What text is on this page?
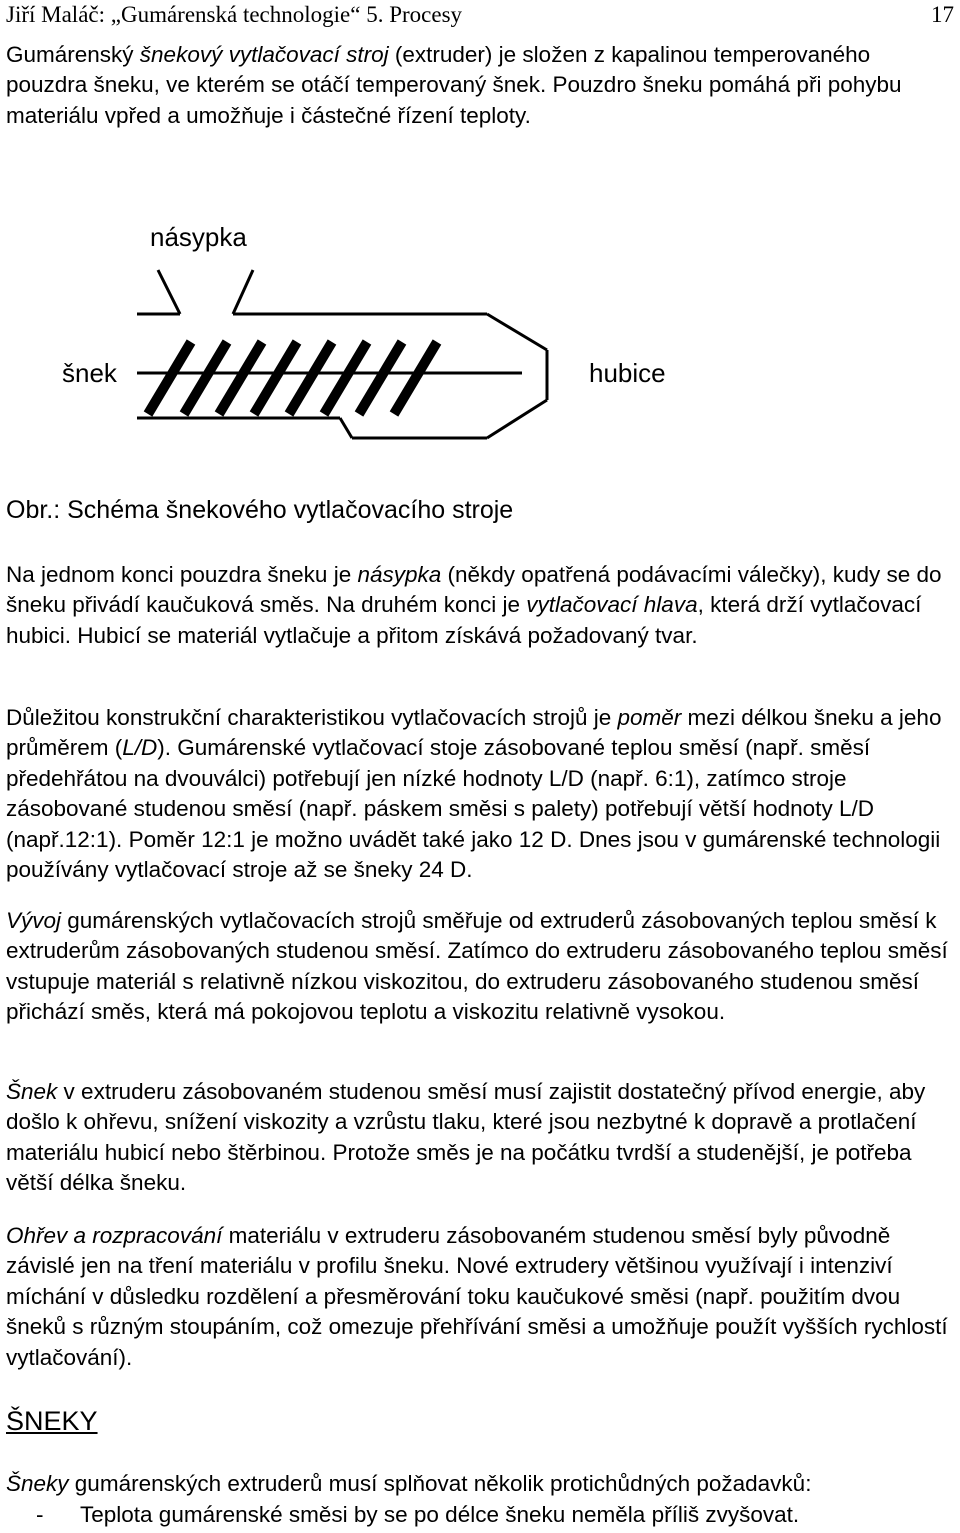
Jiří Maláč: „Gumárenská technologie“ 5. Procesy	17

Gumárenský šnekový vytlačovací stroj (extruder) je složen z kapalinou temperovaného pouzdra šneku, ve kterém se otáčí temperovaný šnek. Pouzdro šneku pomáhá při pohybu materiálu vpřed a umožňuje i částečné řízení teploty.

násypka
šnek	hubice
Obr.: Schéma šnekového vytlačovacího stroje

Na jednom konci pouzdra šneku je násypka (někdy opatřená podávacími válečky), kudy se do šneku přivádí kaučuková směs. Na druhém konci je vytlačovací hlava, která drží vytlačovací hubici. Hubicí se materiál vytlačuje a přitom získává požadovaný tvar.

Důležitou konstrukční charakteristikou vytlačovacích strojů je poměr mezi délkou šneku a jeho průměrem (L/D). Gumárenské vytlačovací stoje zásobované teplou směsí (např. směsí předehřátou na dvouválci) potřebují jen nízké hodnoty L/D (např. 6:1), zatímco stroje zásobované studenou směsí (např. páskem směsi s palety) potřebují větší hodnoty L/D (např.12:1). Poměr 12:1 je možno uvádět také jako 12 D. Dnes jsou v gumárenské technologii používány vytlačovací stroje až se šneky 24 D.

Vývoj gumárenských vytlačovacích strojů směřuje od extruderů zásobovaných teplou směsí k extruderům zásobovaných studenou směsí. Zatímco do extruderu zásobovaného teplou směsí vstupuje materiál s relativně nízkou viskozitou, do extruderu zásobovaného studenou směsí přichází směs, která má pokojovou teplotu a viskozitu relativně vysokou.

Šnek v extruderu zásobovaném studenou směsí musí zajistit dostatečný přívod energie, aby došlo k ohřevu, snížení viskozity a vzrůstu tlaku, které jsou nezbytné k dopravě a protlačení materiálu hubicí nebo štěrbinou. Protože směs je na počátku tvrdší a studenější, je potřeba větší délka šneku.

Ohřev a rozpracování materiálu v extruderu zásobovaném studenou směsí byly původně závislé jen na tření materiálu v profilu šneku. Nové extrudery většinou využívají i intenziví míchání v důsledku rozdělení a přesměrování toku kaučukové směsi (např. použitím dvou šneků s různým stoupáním, což omezuje přehřívání směsi a umožňuje použít vyšších rychlostí vytlačování).

ŠNEKY

Šneky gumárenských extruderů musí splňovat několik protichůdných požadavků:

- Teplota gumárenské směsi by se po délce šneku neměla příliš zvyšovat.
